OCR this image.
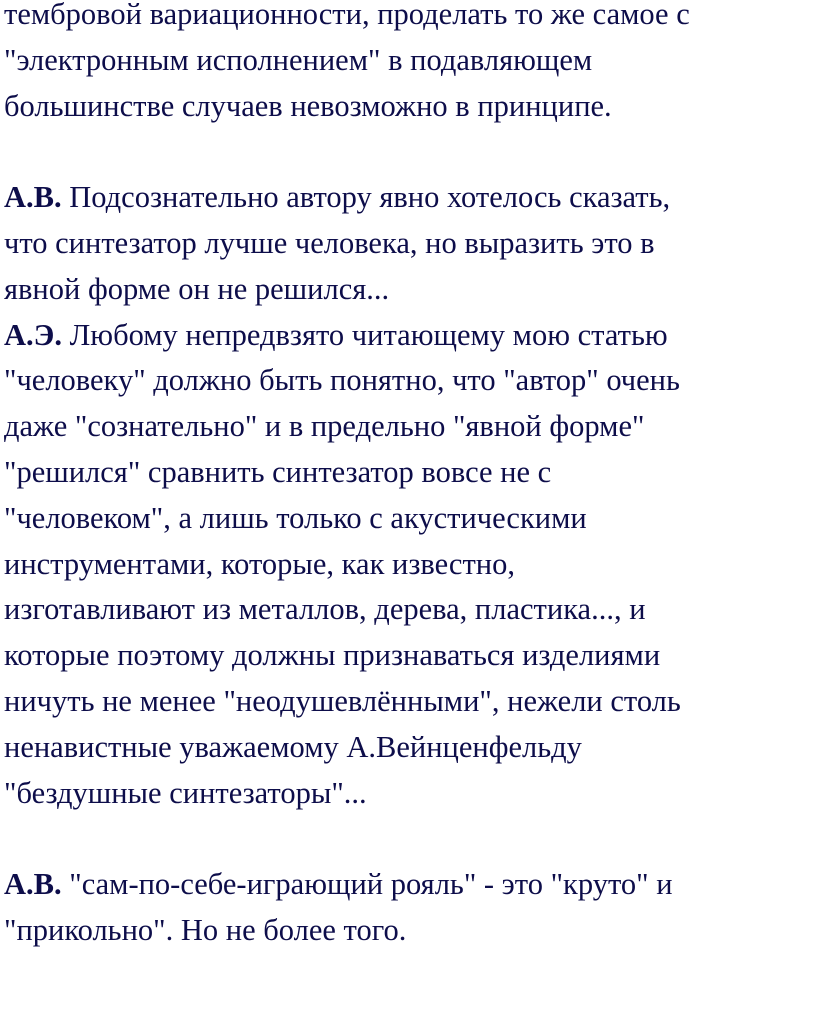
тембровой вариационности, проделать то же самое с
"электронным исполнением" в подавляющем
большинстве случаев невозможно в принципе.
А.В. Подсознательно автору явно хотелось сказать,
что синтезатор лучше человека, но выразить это в
явной форме он не решился...
А.Э. Любому непредвзято читающему мою статью
"человеку" должно быть понятно, что "автор" очень
даже "сознательно" и в предельно "явной форме"
"решился" сравнить синтезатор вовсе не с
"человеком", а лишь только с акустическими
инструментами, которые, как известно,
изготавливают из металлов, дерева, пластика..., и
которые поэтому должны признаваться изделиями
ничуть не менее "неодушевлёнными", нежели столь
ненавистные уважаемому А.Вейнценфельду
"бездушные синтезаторы"...
А.В. "сам-по-себе-играющий рояль" - это "круто" и
"прикольно". Но не более того.
